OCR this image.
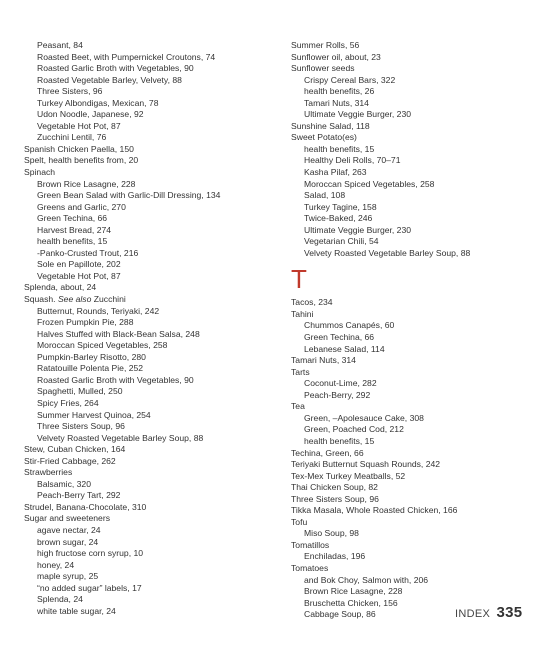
Peasant, 84
Roasted Beet, with Pumpernickel Croutons, 74
Roasted Garlic Broth with Vegetables, 90
Roasted Vegetable Barley, Velvety, 88
Three Sisters, 96
Turkey Albondigas, Mexican, 78
Udon Noodle, Japanese, 92
Vegetable Hot Pot, 87
Zucchini Lentil, 76
Spanish Chicken Paella, 150
Spelt, health benefits from, 20
Spinach
Brown Rice Lasagne, 228
Green Bean Salad with Garlic-Dill Dressing, 134
Greens and Garlic, 270
Green Techina, 66
Harvest Bread, 274
health benefits, 15
-Panko-Crusted Trout, 216
Sole en Papillote, 202
Vegetable Hot Pot, 87
Splenda, about, 24
Squash. See also Zucchini
Butternut, Rounds, Teriyaki, 242
Frozen Pumpkin Pie, 288
Halves Stuffed with Black-Bean Salsa, 248
Moroccan Spiced Vegetables, 258
Pumpkin-Barley Risotto, 280
Ratatouille Polenta Pie, 252
Roasted Garlic Broth with Vegetables, 90
Spaghetti, Mulled, 250
Spicy Fries, 264
Summer Harvest Quinoa, 254
Three Sisters Soup, 96
Velvety Roasted Vegetable Barley Soup, 88
Stew, Cuban Chicken, 164
Stir-Fried Cabbage, 262
Strawberries
Balsamic, 320
Peach-Berry Tart, 292
Strudel, Banana-Chocolate, 310
Sugar and sweeteners
agave nectar, 24
brown sugar, 24
high fructose corn syrup, 10
honey, 24
maple syrup, 25
“no added sugar” labels, 17
Splenda, 24
white table sugar, 24
Summer Rolls, 56
Sunflower oil, about, 23
Sunflower seeds
Crispy Cereal Bars, 322
health benefits, 26
Tamari Nuts, 314
Ultimate Veggie Burger, 230
Sunshine Salad, 118
Sweet Potato(es)
health benefits, 15
Healthy Deli Rolls, 70–71
Kasha Pilaf, 263
Moroccan Spiced Vegetables, 258
Salad, 108
Turkey Tagine, 158
Twice-Baked, 246
Ultimate Veggie Burger, 230
Vegetarian Chili, 54
Velvety Roasted Vegetable Barley Soup, 88
T
Tacos, 234
Tahini
Chummos Canapés, 60
Green Techina, 66
Lebanese Salad, 114
Tamari Nuts, 314
Tarts
Coconut-Lime, 282
Peach-Berry, 292
Tea
Green, –Apolesauce Cake, 308
Green, Poached Cod, 212
health benefits, 15
Techina, Green, 66
Teriyaki Butternut Squash Rounds, 242
Tex-Mex Turkey Meatballs, 52
Thai Chicken Soup, 82
Three Sisters Soup, 96
Tikka Masala, Whole Roasted Chicken, 166
Tofu
Miso Soup, 98
Tomatillos
Enchiladas, 196
Tomatoes
and Bok Choy, Salmon with, 206
Brown Rice Lasagne, 228
Bruschetta Chicken, 156
Cabbage Soup, 86	INDEX 335
